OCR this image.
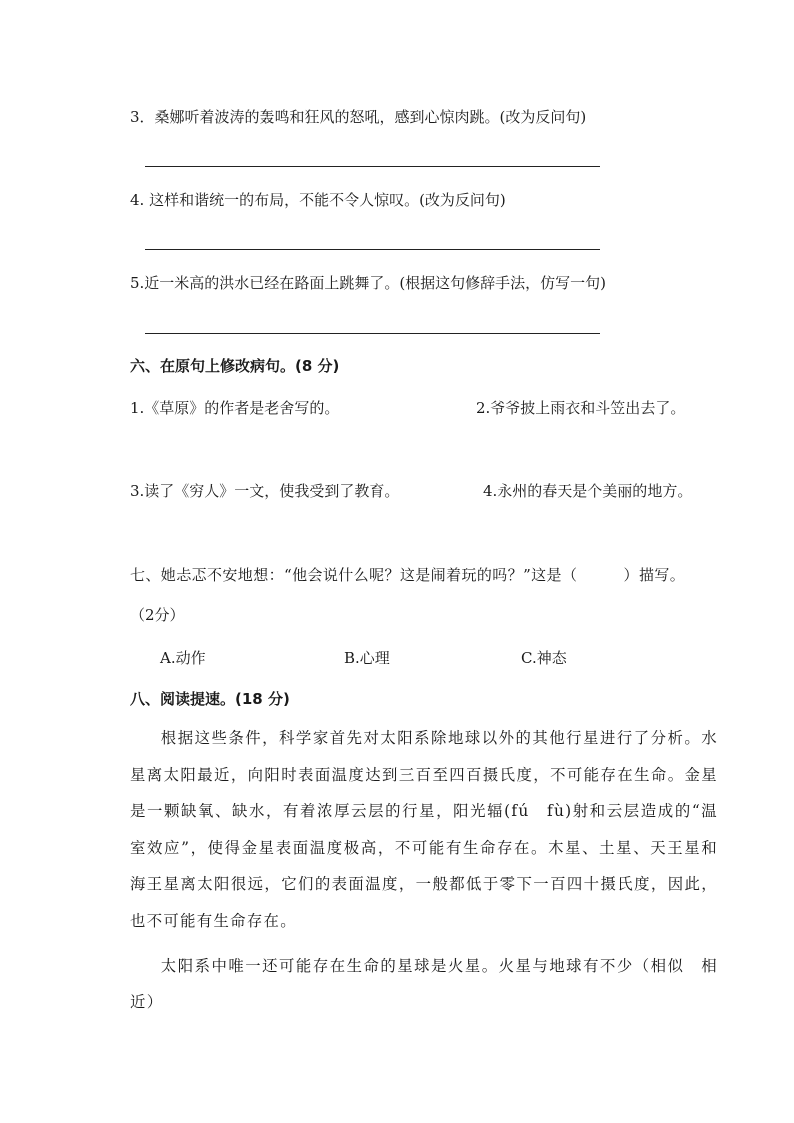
3．桑娜听着波涛的轰鸣和狂风的怒吼，感到心惊肉跳。(改为反问句)
4. 这样和谐统一的布局，不能不令人惊叹。(改为反问句)
5.近一米高的洪水已经在路面上跳舞了。(根据这句修辞手法，仿写一句)
六、在原句上修改病句。(8 分)
1.《草原》的作者是老舍写的。	2.爷爷披上雨衣和斗笠出去了。
3.读了《穷人》一文，使我受到了教育。	4.永州的春天是个美丽的地方。
七、她忐忑不安地想：“他会说什么呢？这是闹着玩的吗？”这是（　　　）描写。
（2分）
A.动作	B.心理	C.神态
八、阅读提速。(18 分)

根据这些条件，科学家首先对太阳系除地球以外的其他行星进行了分析。水星离太阳最近，向阳时表面温度达到三百至四百摄氏度，不可能存在生命。金星是一颗缺氧、缺水，有着浓厚云层的行星，阳光辐(fú　fù)射和云层造成的“温室效应”，使得金星表面温度极高，不可能有生命存在。木星、土星、天王星和海王星离太阳很远，它们的表面温度，一般都低于零下一百四十摄氏度，因此，也不可能有生命存在。

太阳系中唯一还可能存在生命的星球是火星。火星与地球有不少（相似　相近）
